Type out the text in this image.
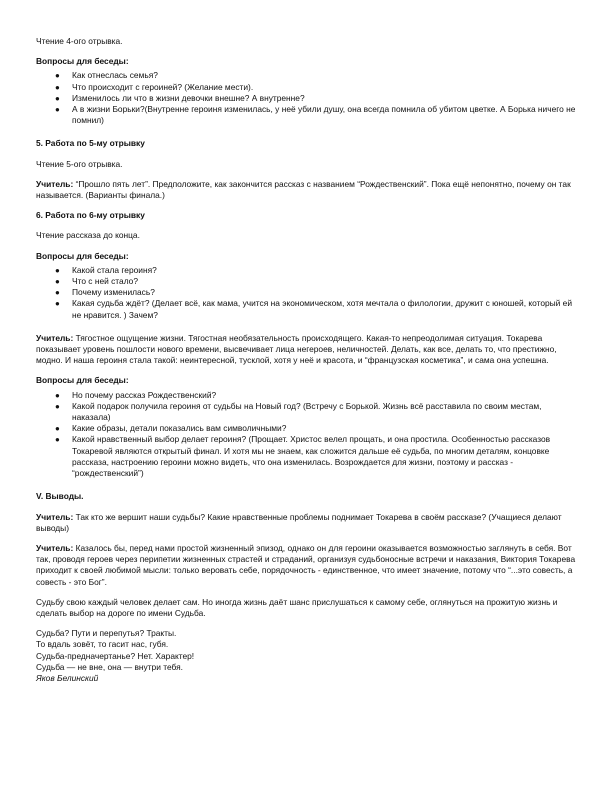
Чтение 4-ого отрывка.

Вопросы для беседы:

● Как отнеслась семья?
● Что происходит с героиней? (Желание мести).
● Изменилось ли что в жизни девочки внешне? А внутренне?
● А в жизни Борьки?(Внутренне героиня изменилась, у неё убили душу, она всегда помнила об убитом цветке. А Борька ничего не помнил)

5. Работа по 5-му отрывку

Чтение 5-ого отрывка.

Учитель: “Прошло пять лет”. Предположите, как закончится рассказ с названием “Рождественский”. Пока ещё непонятно, почему он так называется. (Варианты финала.)

6. Работа по 6-му отрывку

Чтение рассказа до конца.

Вопросы для беседы:

● Какой стала героиня?
● Что с ней стало?
● Почему изменилась?
● Какая судьба ждёт? (Делает всё, как мама, учится на экономическом, хотя мечтала о филологии, дружит с юношей, который ей не нравится. ) Зачем?

Учитель: Тягостное ощущение жизни. Тягостная необязательность происходящего. Какая-то непреодолимая ситуация. Токарева показывает уровень пошлости нового времени, высвечивает лица негероев, неличностей. Делать, как все, делать то, что престижно, модно. И наша героиня стала такой: неинтересной, тусклой, хотя у неё и красота, и “французская косметика”, и сама она успешна.

Вопросы для беседы:

● Но почему рассказ Рождественский?
● Какой подарок получила героиня от судьбы на Новый год? (Встречу с Борькой. Жизнь всё расставила по своим местам, наказала)
● Какие образы, детали показались вам символичными?
● Какой нравственный выбор делает героиня? (Прощает. Христос велел прощать, и она простила. Особенностью рассказов Токаревой являются открытый финал. И хотя мы не знаем, как сложится дальше её судьба, по многим деталям, концовке рассказа, настроению героини можно видеть, что она изменилась. Возрождается для жизни, поэтому и рассказ - “рождественский”)

V. Выводы.

Учитель: Так кто же вершит наши судьбы? Какие нравственные проблемы поднимает Токарева в своём рассказе? (Учащиеся делают выводы)

Учитель: Казалось бы, перед нами простой жизненный эпизод, однако он для героини оказывается возможностью заглянуть в себя. Вот так, проводя героев через перипетии жизненных страстей и страданий, организуя судьбоносные встречи и наказания, Виктория Токарева приходит к своей любимой мысли: только веровать себе, порядочность - единственное, что имеет значение, потому что “...это совесть, а совесть - это Бог”.

Судьбу свою каждый человек делает сам. Но иногда жизнь даёт шанс прислушаться к самому себе, оглянуться на прожитую жизнь и сделать выбор на дороге по имени Судьба.

Судьба? Пути и перепутья? Тракты.

То вдаль зовёт, то гасит нас, губя.

Судьба-предначертанье? Нет. Характер!

Судьба — не вне, она — внутри тебя.

Яков Белинский
